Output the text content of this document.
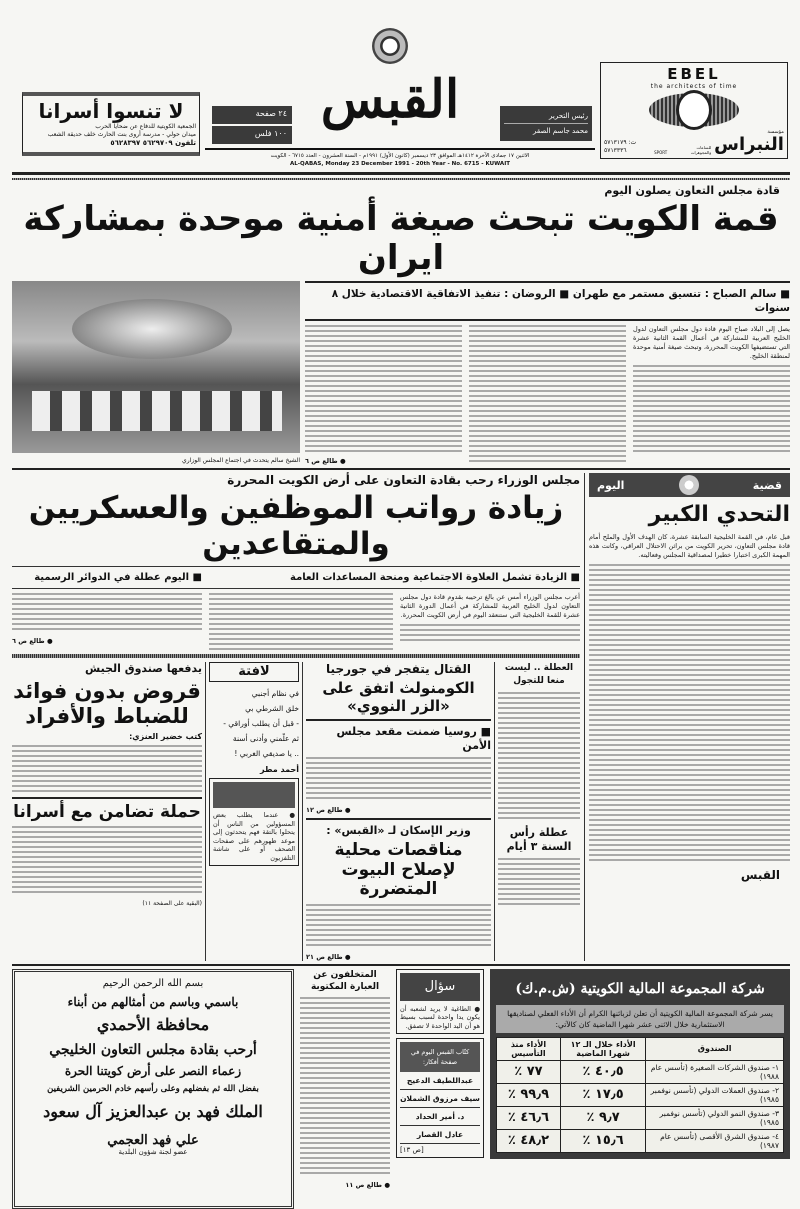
لا تنسوا أسرانا
الجمعية الكويتية للدفاع عن ضحايا الحرب
ميدان حولي - مدرسة أروى بنت الحارث خلف حديقة الشعب
تلفون ٥٦٢٩٧٠٩ ٥٦٢٨٣٩٧
٢٤ صفحة
١٠٠ فلس
القبس	رئيس التحرير
محمد جاسم الصقر
الاثنين ١٧ جمادى الآخرة ١٤١٢هـ الموافق ٢٣ ديسمبر (كانون الأول) ١٩٩١م - السنة العشرون - العدد ٦٧١٥ - الكويت
AL-QABAS, Monday 23 December 1991 - 20th Year - No. 6715 - KUWAIT
EBEL
the architects of time
ت: ٥٧١٣١٧٩
٥٧١٣٣٣٦	SPORT
مؤسسة
النبراس
للساعات والمجوهرات
قادة مجلس التعاون يصلون اليوم
قمة الكويت تبحث صيغة أمنية موحدة بمشاركة ايران
الشيخ سالم يتحدث في اجتماع المجلس الوزاري
■ سالم الصباح : تنسيق مستمر مع طهران ■ الروضان : تنفيذ الاتفاقية الاقتصادية خلال ٨ سنوات
● طالع ص ٦
يصل إلى البلاد صباح اليوم قادة دول مجلس التعاون لدول الخليج العربية للمشاركة في أعمال القمة الثانية عشرة التي تستضيفها الكويت المحررة، وتبحث صيغة أمنية موحدة لمنطقة الخليج.
مجلس الوزراء رحب بقادة التعاون على أرض الكويت المحررة
زيادة رواتب الموظفين والعسكريين والمتقاعدين
■ اليوم عطلة في الدوائر الرسمية	■ الزيادة تشمل العلاوة الاجتماعية ومنحة المساعدات العامة
● طالع ص ٦
أعرب مجلس الوزراء أمس عن بالغ ترحيبه بقدوم قادة دول مجلس التعاون لدول الخليج العربية للمشاركة في أعمال الدورة الثانية عشرة للقمة الخليجية التي ستنعقد اليوم في أرض الكويت المحررة.
يدفعها صندوق الجيش
قروض بدون فوائد للضباط والأفراد
كتب خضير العنزي:
حملة تضامن مع أسرانا
(البقية على الصفحة ١١)
لافتة
في نظام أجنبي
خلق الشرطي بي
- قبل أن يطلب أوراقي -
ثم علّمني وأدنى أسنة
.. يا صديقي الغربي !
أحمد مطر
● عندما يطلب بعض المسؤولين من الناس أن يتحلوا بالتقة فهم يتحدثون إلى موعد ظهورهم على صفحات الصحف أو على شاشة التلفزيون
القتال يتفجر في جورجيا
الكومنولث اتفق على «الزر النووي»
■ روسيا ضمنت مقعد مجلس الأمن
● طالع ص ١٢
وزير الإسكان لـ «القبس» :
مناقصات محلية لإصلاح البيوت المتضررة
● طالع ص ٢١
العطلة .. ليست منعا للتجول
عطلة رأس السنة ٣ أيام
قضية
اليوم
التحدي الكبير
قبل عام، في القمة الخليجية السابقة عشرة، كان الهدف الأول والملح أمام قادة مجلس التعاون، تحرير الكويت من براثن الاحتلال العراقي، وكانت هذه المهمة الكبرى اختبارا خطيرا لمصداقية المجلس وفعاليته.
القبس
بسم الله الرحمن الرحيم
باسمي وباسم من أمثالهم من أبناء
محافظة الأحمدي
أرحب بقادة مجلس التعاون الخليجي
زعماء النصر على أرض كويتنا الحرة
بفضل الله ثم بفضلهم وعلى رأسهم خادم الحرمين الشريفين
الملك فهد بن عبدالعزيز آل سعود
علي فهد العجمي
عضو لجنة شؤون البلدية
المتخلفون عن العبارة المكتوبة
● طالع ص ١١
سؤال
● الطاغية لا يريد لشعبه أن يكون يدا واحدة لسبب بسيط هو أن اليد الواحدة لا تصفق.
كتّاب القبس اليوم في صفحة أفكار:
عبداللطيف الدعيج
سيف مرزوق الشملان
د. أمير الحداد
عادل القصار
[ص ١٣]
شركة المجموعة المالية الكويتية (ش.م.ك)
يسر شركة المجموعة المالية الكويتية أن تعلن لزبائنها الكرام أن الأداء الفعلي لصناديقها الاستثمارية خلال الاثنى عشر شهرا الماضية كان كالآتي:
الصندوق	الأداء خلال الـ ١٢ شهرا الماضية	الأداء منذ التأسيس
١- صندوق الشركات الصغيرة (تأسس عام ١٩٨٨)	٤٠٫٥ ٪	٧٧ ٪
٢- صندوق العملات الدولي (تأسس نوفمبر ١٩٨٥)	١٧٫٥ ٪	٩٩٫٩ ٪
٣- صندوق النمو الدولي (تأسس نوفمبر ١٩٨٥)	٩٫٧ ٪	٤٦٫٦ ٪
٤- صندوق الشرق الأقصى (تأسس عام ١٩٨٧)	١٥٫٦ ٪	٤٨٫٢ ٪
